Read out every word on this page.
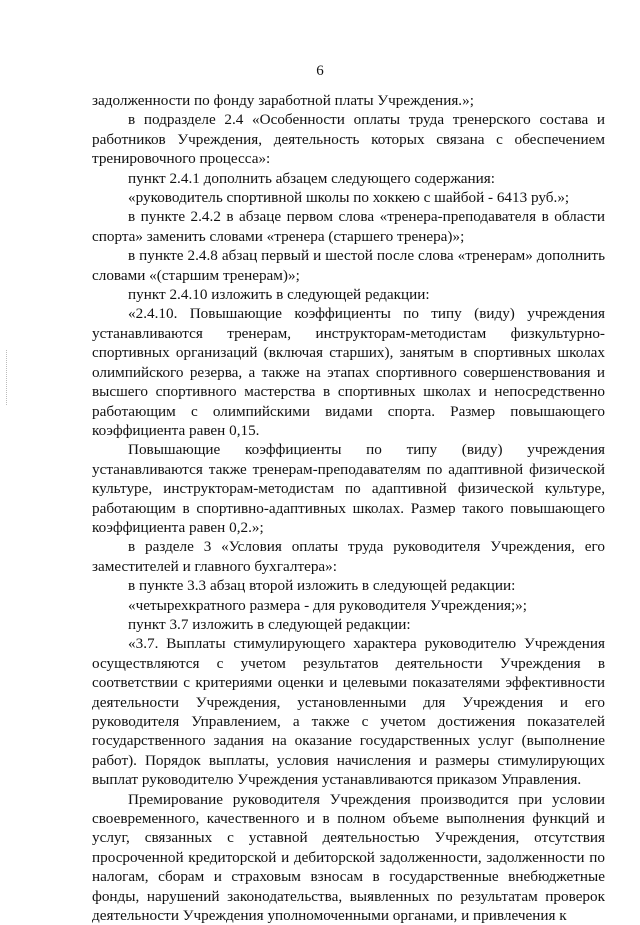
6

задолженности по фонду заработной платы Учреждения.»;

в подразделе 2.4 «Особенности оплаты труда тренерского состава и работников Учреждения, деятельность которых связана с обеспечением тренировочного процесса»:

пункт 2.4.1 дополнить абзацем следующего содержания:

«руководитель спортивной школы по хоккею с шайбой - 6413 руб.»;

в пункте 2.4.2 в абзаце первом слова «тренера-преподавателя в области спорта» заменить словами «тренера (старшего тренера)»;

в пункте 2.4.8 абзац первый и шестой после слова «тренерам» дополнить словами «(старшим тренерам)»;

пункт 2.4.10 изложить в следующей редакции:

«2.4.10. Повышающие коэффициенты по типу (виду) учреждения устанавливаются тренерам, инструкторам-методистам физкультурно-спортивных организаций (включая старших), занятым в спортивных школах олимпийского резерва, а также на этапах спортивного совершенствования и высшего спортивного мастерства в спортивных школах и непосредственно работающим с олимпийскими видами спорта. Размер повышающего коэффициента равен 0,15.

Повышающие коэффициенты по типу (виду) учреждения устанавливаются также тренерам-преподавателям по адаптивной физической культуре, инструкторам-методистам по адаптивной физической культуре, работающим в спортивно-адаптивных школах. Размер такого повышающего коэффициента равен 0,2.»;

в разделе 3 «Условия оплаты труда руководителя Учреждения, его заместителей и главного бухгалтера»:

в пункте 3.3 абзац второй изложить в следующей редакции:

«четырехкратного размера - для руководителя Учреждения;»;

пункт 3.7 изложить в следующей редакции:

«3.7. Выплаты стимулирующего характера руководителю Учреждения осуществляются с учетом результатов деятельности Учреждения в соответствии с критериями оценки и целевыми показателями эффективности деятельности Учреждения, установленными для Учреждения и его руководителя Управлением, а также с учетом достижения показателей государственного задания на оказание государственных услуг (выполнение работ). Порядок выплаты, условия начисления и размеры стимулирующих выплат руководителю Учреждения устанавливаются приказом Управления.

Премирование руководителя Учреждения производится при условии своевременного, качественного и в полном объеме выполнения функций и услуг, связанных с уставной деятельностью Учреждения, отсутствия просроченной кредиторской и дебиторской задолженности, задолженности по налогам, сборам и страховым взносам в государственные внебюджетные фонды, нарушений законодательства, выявленных по результатам проверок деятельности Учреждения уполномоченными органами, и привлечения к
